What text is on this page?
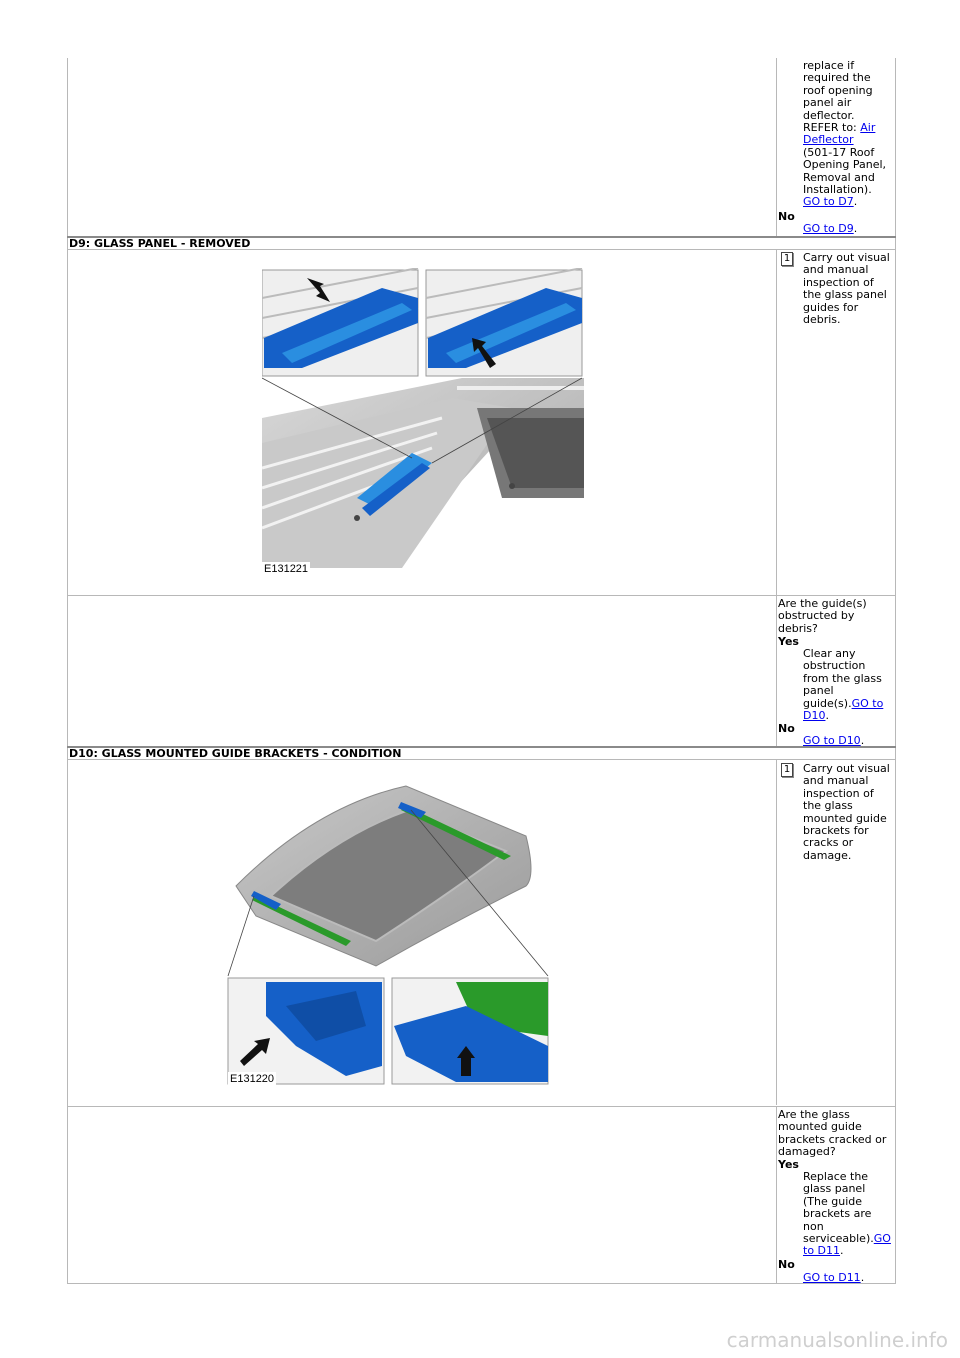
replace if

required the

roof opening

panel air

deflector.

REFER to: Air

Deflector

(501-17 Roof

Opening Panel,

Removal and

Installation).

GO to D7.

No
GO to D9.
D9: GLASS PANEL - REMOVED
1 Carry out visual

and manual

inspection of

the glass panel

guides for

debris.

E131221

Are the guide(s)

obstructed by

debris?

Yes

Clear any

obstruction

from the glass

panel

guide(s).GO to

D10.

No
GO to D10.
D10: GLASS MOUNTED GUIDE BRACKETS - CONDITION
1 Carry out visual

and manual

inspection of

the glass

mounted guide

brackets for

cracks or

damage.

E131220

Are the glass

mounted guide

brackets cracked or

damaged?

Yes

Replace the

glass panel

(The guide

brackets are

non

serviceable).GO

to D11.

No
GO to D11.
carmanualsonline.info
